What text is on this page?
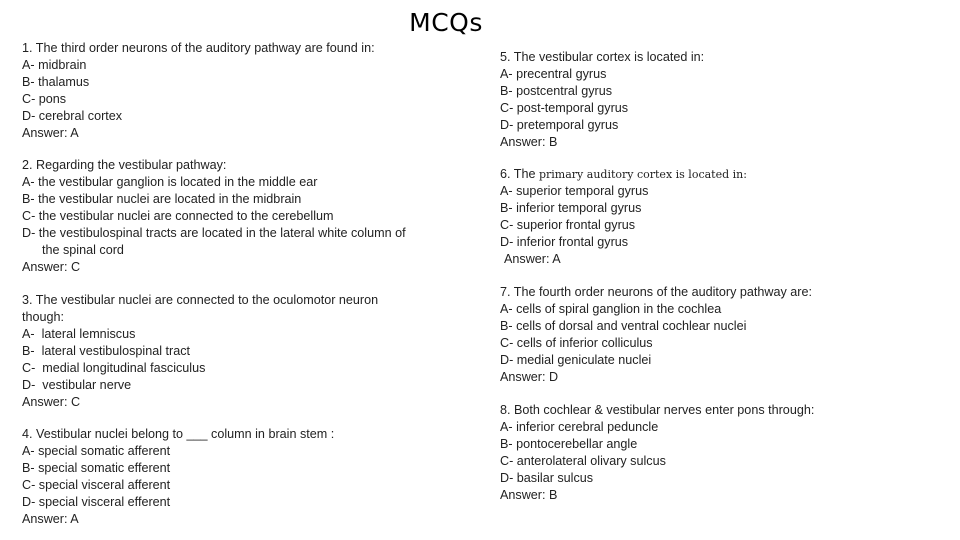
MCQs
1. The third order neurons of the auditory pathway are found in:
A- midbrain
B- thalamus
C- pons
D- cerebral cortex
Answer: A
2. Regarding the vestibular pathway:
A- the vestibular ganglion is located in the middle ear
B- the vestibular nuclei are located in the midbrain
C- the vestibular nuclei are connected to the cerebellum
D- the vestibulospinal tracts are located in the lateral white column of
the spinal cord
Answer: C
3. The vestibular nuclei are connected to the oculomotor neuron
though:
A-  lateral lemniscus
B-  lateral vestibulospinal tract
C-  medial longitudinal fasciculus
D-  vestibular nerve
Answer: C
4. Vestibular nuclei belong to ___ column in brain stem :
A- special somatic afferent
B- special somatic efferent
C- special visceral afferent
D- special visceral efferent
Answer: A
5. The vestibular cortex is located in:
A- precentral gyrus
B- postcentral gyrus
C- post-temporal gyrus
D- pretemporal gyrus
Answer: B
6. The primary auditory cortex is located in:
A- superior temporal gyrus
B- inferior temporal gyrus
C- superior frontal gyrus
D- inferior frontal gyrus
Answer: A
7. The fourth order neurons of the auditory pathway are:
A- cells of spiral ganglion in the cochlea
B- cells of dorsal and ventral cochlear nuclei
C- cells of inferior colliculus
D- medial geniculate nuclei
Answer: D
8. Both cochlear & vestibular nerves enter pons through:
A- inferior cerebral peduncle
B- pontocerebellar angle
C- anterolateral olivary sulcus
D- basilar sulcus
Answer: B
